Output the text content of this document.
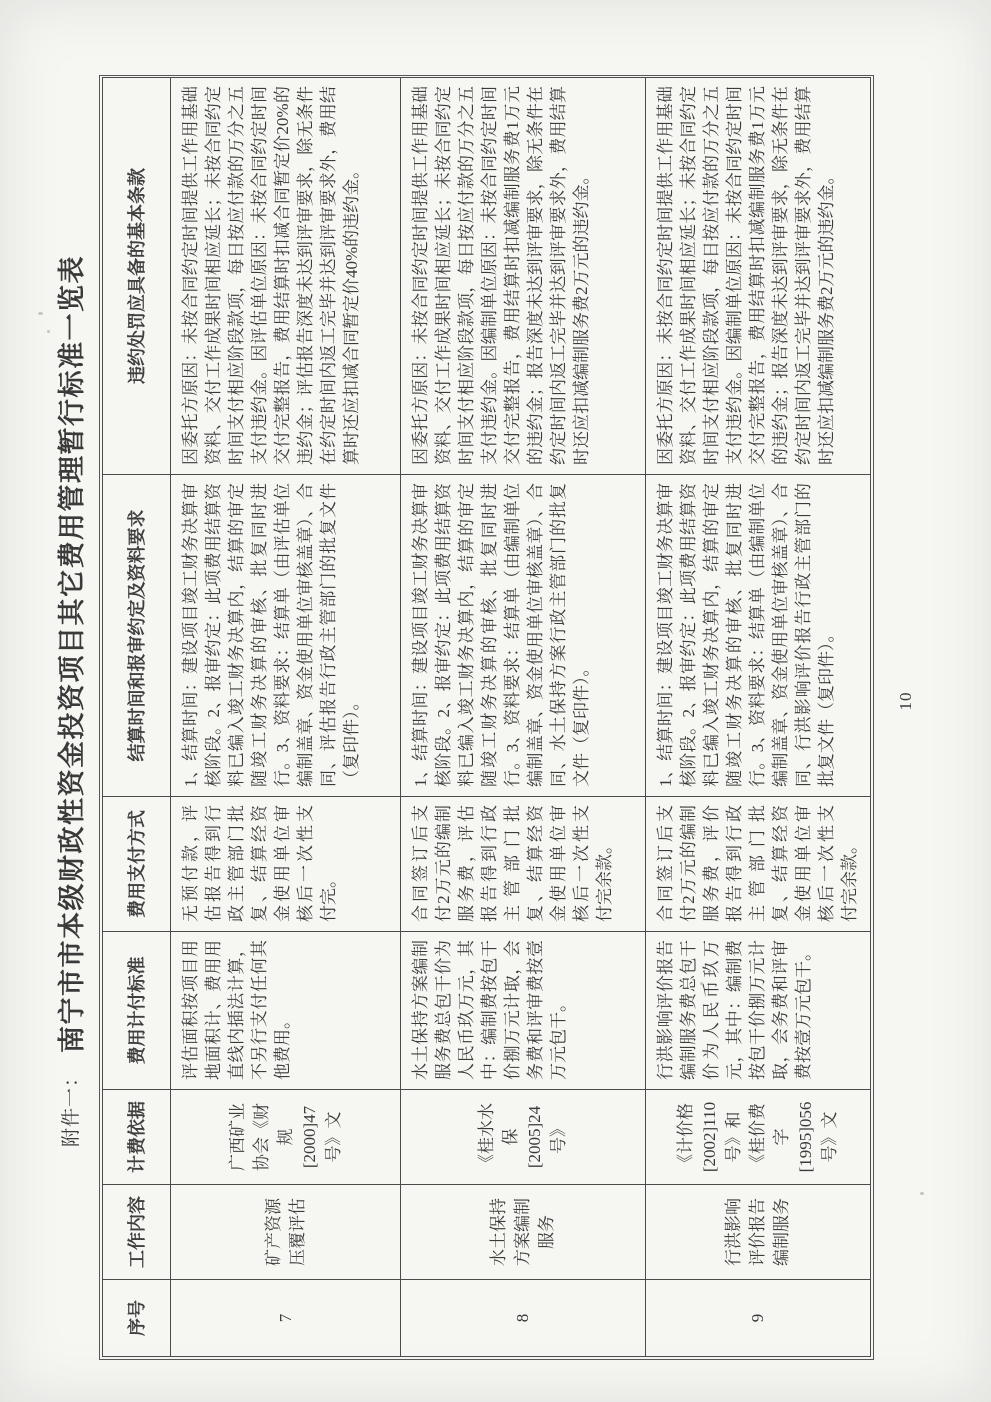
附件一：南宁市市本级财政性资金投资项目其它费用管理暂行标准一览表
序号	工作内容	计费依据	费用计付标准	费用支付方式	结算时间和报审约定及资料要求	违约处罚应具备的基本条款
7	矿产资源压覆评估	广西矿业协会《财规[2000]47号》文	评估面积按项目用地面积计、费用用直线内插法计算，不另行支付任何其他费用。	无预付款，评估报告得到行政主管部门批复、结算经资金使用单位审核后一次性支付完。	1、结算时间：建设项目竣工财务决算审核阶段。2、报审约定：此项费用结算资料已编入竣工财务决算内，结算的审定随竣工财务决算的审核、批复同时进行。3、资料要求：结算单（由评估单位编制盖章、资金使用单位审核盖章）、合同、评估报告行政主管部门的批复文件（复印件）。	因委托方原因：未按合同约定时间提供工作用基础资料、交付工作成果时间相应延长；未按合同约定时间支付相应阶段款项，每日按应付款的万分之五支付违约金。因评估单位原因：未按合同约定时间交付完整报告，费用结算时扣减合同暂定价20%的违约金；评估报告深度未达到评审要求，除无条件在约定时间内返工完毕并达到评审要求外，费用结算时还应扣减合同暂定价40%的违约金。
8	水土保持方案编制服务	《桂水水保[2005]24号》	水土保持方案编制服务费总包干价为人民币玖万元，其中：编制费按包干价捌万元计取，会务费和评审费按壹万元包干。	合同签订后支付2万元的编制服务费，评估报告得到行政主管部门批复、结算经资金使用单位审核后一次性支付完余款。	1、结算时间：建设项目竣工财务决算审核阶段。2、报审约定：此项费用结算资料已编入竣工财务决算内，结算的审定随竣工财务决算的审核、批复同时进行。3、资料要求：结算单（由编制单位编制盖章、资金使用单位审核盖章）、合同、水土保持方案行政主管部门的批复文件（复印件）。	因委托方原因：未按合同约定时间提供工作用基础资料、交付工作成果时间相应延长；未按合同约定时间支付相应阶段款项，每日按应付款的万分之五支付违约金。因编制单位原因：未按合同约定时间交付完整报告，费用结算时扣减编制服务费1万元的违约金；报告深度未达到评审要求，除无条件在约定时间内返工完毕并达到评审要求外，费用结算时还应扣减编制服务费2万元的违约金。
9	行洪影响评价报告编制服务	《计价格[2002]110号》和《桂价费字[1995]056号》文	行洪影响评价报告编制服务费总包干价为人民币玖万元，其中：编制费按包干价捌万元计取，会务费和评审费按壹万元包干。	合同签订后支付2万元的编制服务费，评价报告得到行政主管部门批复、结算经资金使用单位审核后一次性支付完余款。	1、结算时间：建设项目竣工财务决算审核阶段。2、报审约定：此项费用结算资料已编入竣工财务决算内，结算的审定随竣工财务决算的审核、批复同时进行。3、资料要求：结算单（由编制单位编制盖章、资金使用单位审核盖章）、合同、行洪影响评价报告行政主管部门的批复文件（复印件）。	因委托方原因：未按合同约定时间提供工作用基础资料、交付工作成果时间相应延长；未按合同约定时间支付相应阶段款项，每日按应付款的万分之五支付违约金。因编制单位原因：未按合同约定时间交付完整报告，费用结算时扣减编制服务费1万元的违约金；报告深度未达到评审要求，除无条件在约定时间内返工完毕并达到评审要求外，费用结算时还应扣减编制服务费2万元的违约金。
10
